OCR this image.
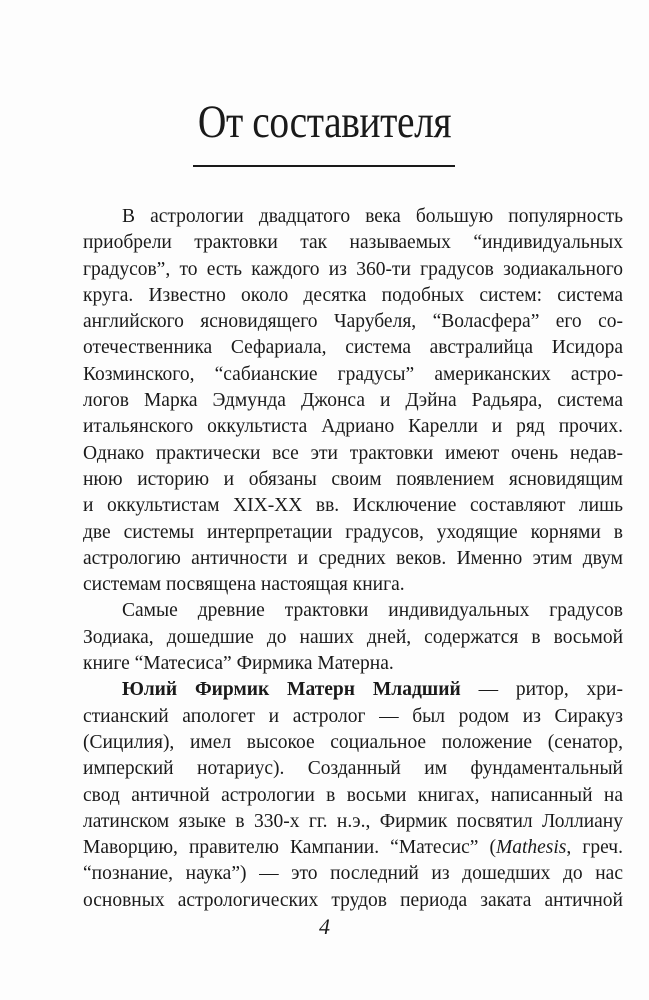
От составителя
В астрологии двадцатого века большую популярность
приобрели трактовки так называемых “индивидуальных
градусов”, то есть каждого из 360-ти градусов зодиакального
круга. Известно около десятка подобных систем: система
английского ясновидящего Чарубеля, “Воласфера” его со-
отечественника Сефариала, система австралийца Исидора
Козминского, “сабианские градусы” американских астро-
логов Марка Эдмунда Джонса и Дэйна Радьяра, система
итальянского оккультиста Адриано Карелли и ряд прочих.
Однако практически все эти трактовки имеют очень недав-
нюю историю и обязаны своим появлением ясновидящим
и оккультистам XIX-XX вв. Исключение составляют лишь
две системы интерпретации градусов, уходящие корнями в
астрологию античности и средних веков. Именно этим двум
системам посвящена настоящая книга.
Самые древние трактовки индивидуальных градусов
Зодиака, дошедшие до наших дней, содержатся в восьмой
книге “Матесиса” Фирмика Матерна.
Юлий Фирмик Матерн Младший — ритор, хри-
стианский апологет и астролог — был родом из Сиракуз
(Сицилия), имел высокое социальное положение (сенатор,
имперский нотариус). Созданный им фундаментальный
свод античной астрологии в восьми книгах, написанный на
латинском языке в 330-х гг. н.э., Фирмик посвятил Лоллиану
Маворцию, правителю Кампании. “Матесис” (Mathesis, греч.
“познание, наука”) — это последний из дошедших до нас
основных астрологических трудов периода заката античной
4
